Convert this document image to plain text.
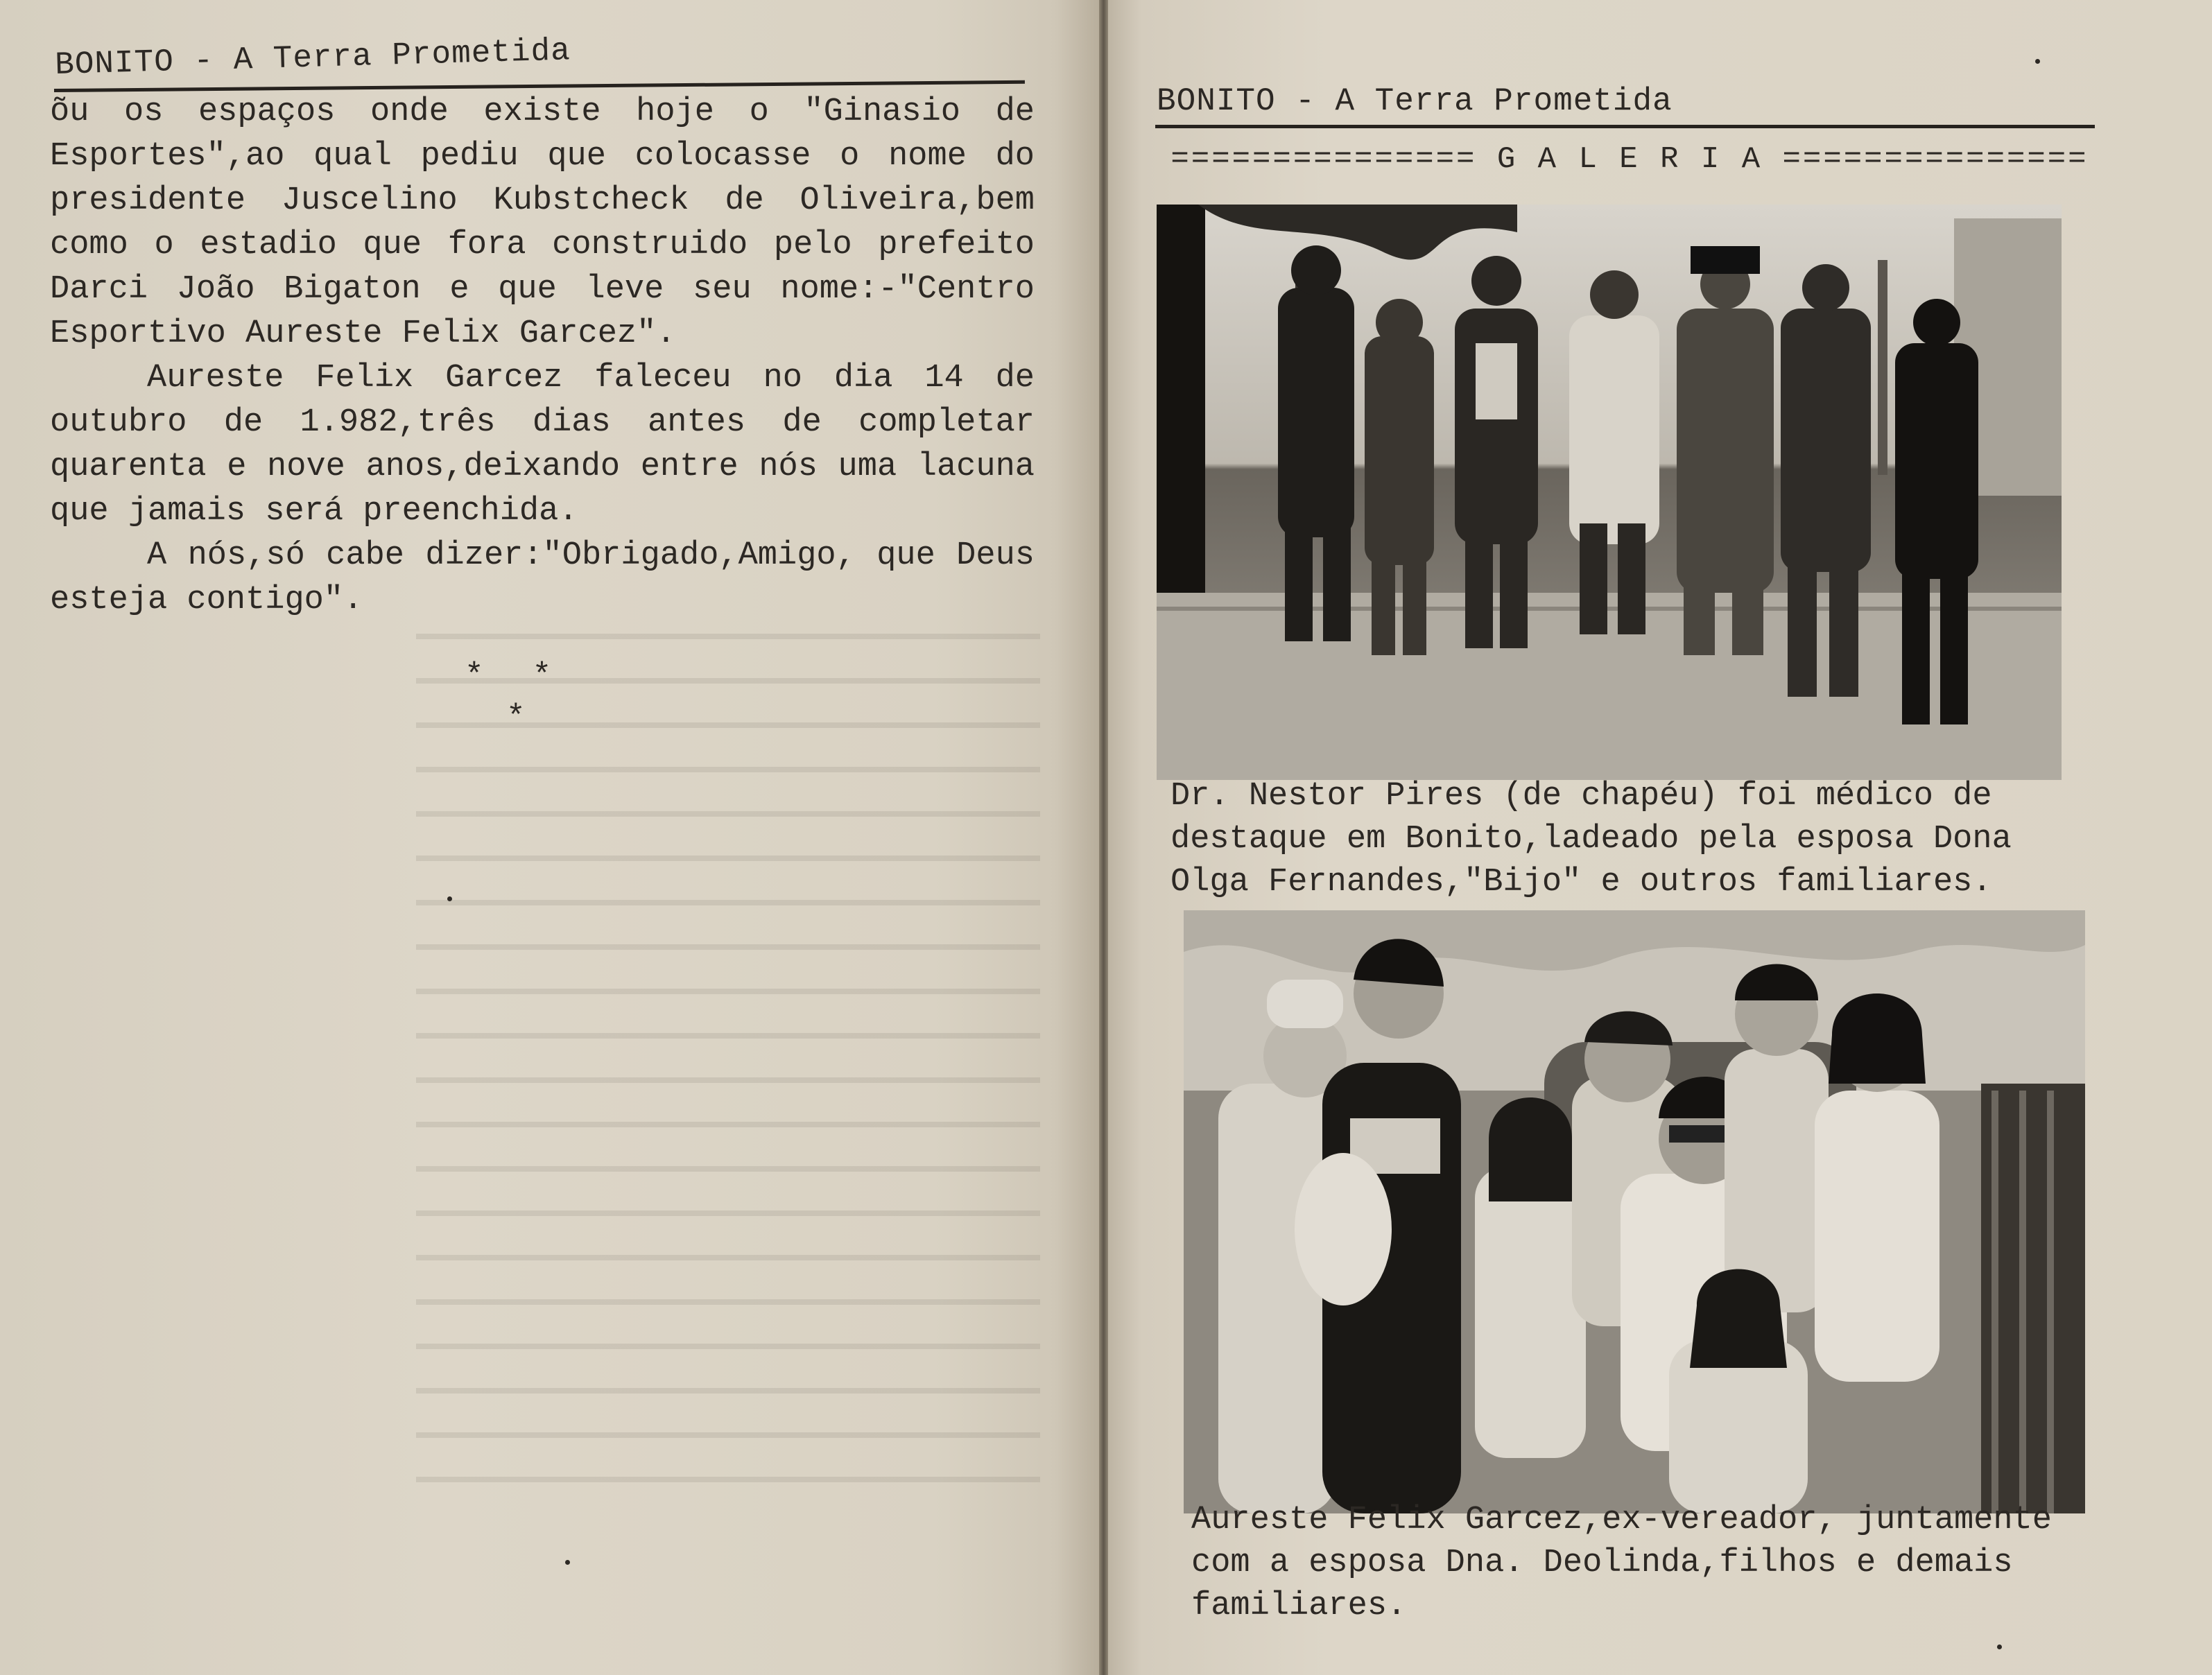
BONITO - A Terra Prometida

õu os espaços onde existe hoje o "Ginasio de Esportes",ao qual pediu que colocasse o nome do presidente Juscelino Kubstcheck de Oliveira,bem como o estadio que fora construido pelo prefeito Darci João Bigaton e que leve seu nome:-"Centro Esportivo Aureste Felix Garcez".

Aureste Felix Garcez faleceu no dia 14 de outubro de 1.982,três dias antes de completar quarenta e nove anos,deixando entre nós uma lacuna que jamais será preenchida.

A nós,só cabe dizer:"Obrigado,Amigo, que Deus esteja contigo".

**
*
BONITO - A Terra Prometida
=============== G A L E R I A ===============

Dr. Nestor Pires (de chapéu) foi médico de destaque em Bonito,ladeado pela esposa Dona Olga Fernandes,"Bijo" e outros familiares.

Aureste Felix Garcez,ex-vereador, juntamente com a esposa Dna. Deolinda,filhos e demais familiares.
